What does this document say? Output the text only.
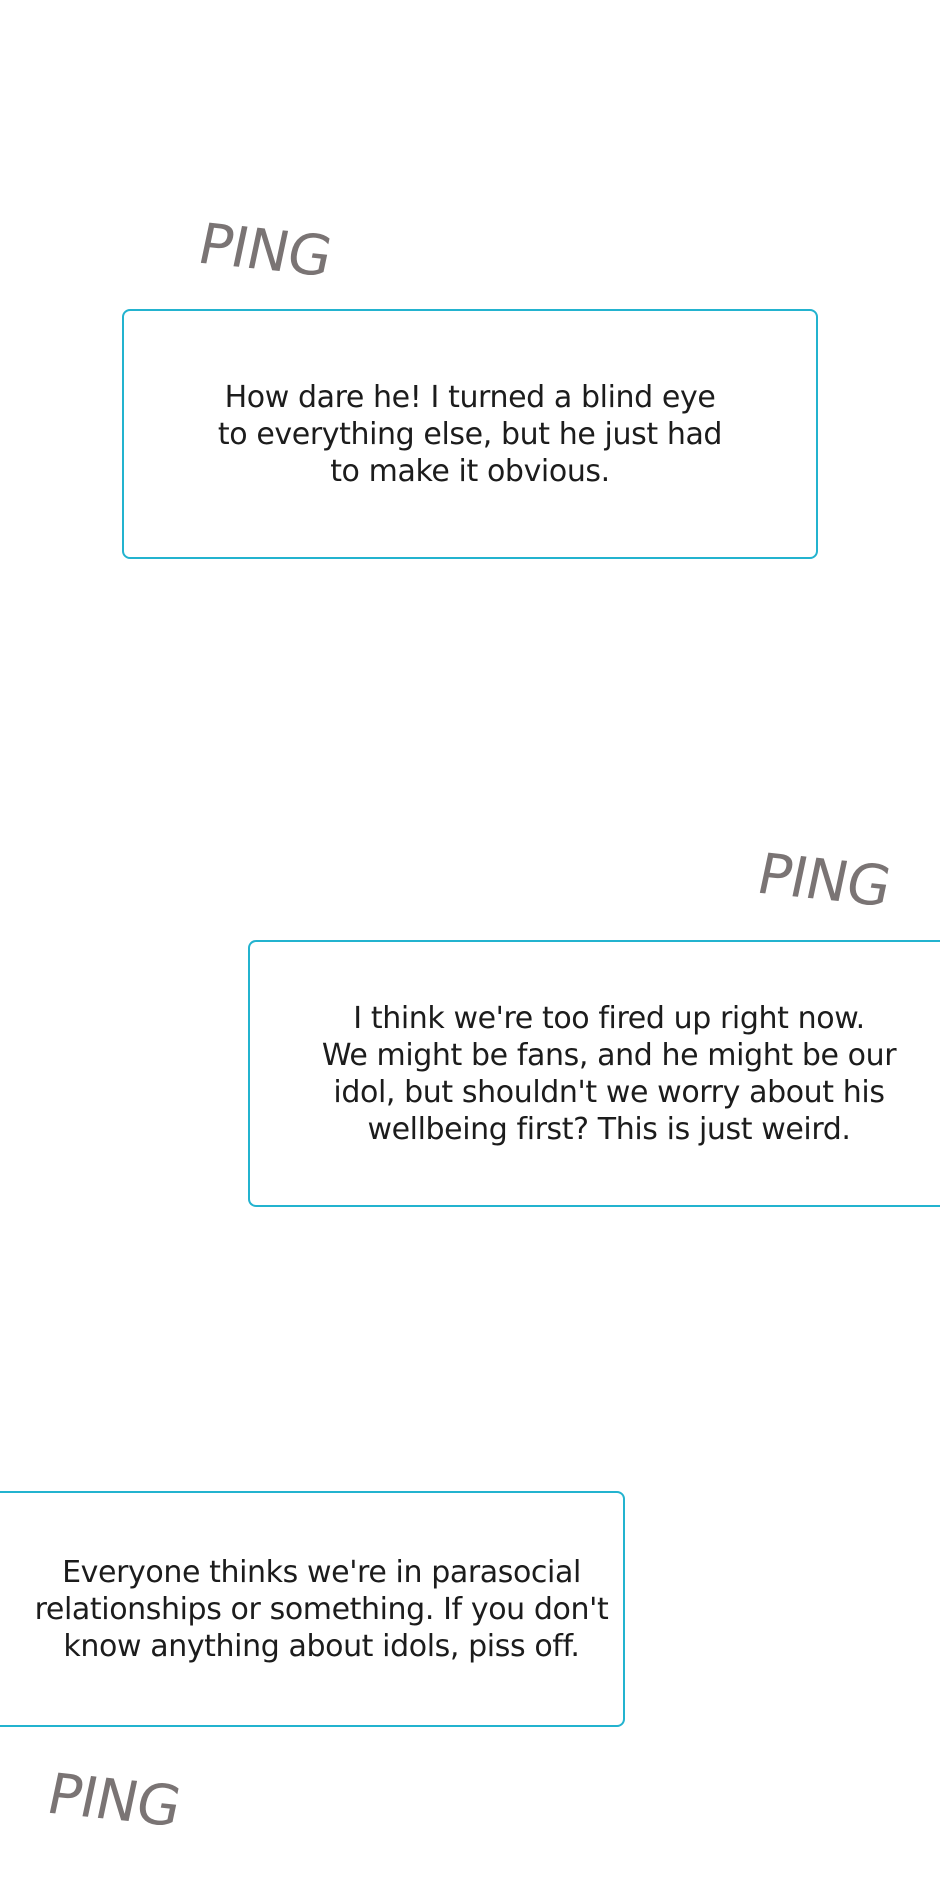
PING

How dare he! I turned a blind eye
to everything else, but he just had
to make it obvious.

PING

I think we're too fired up right now.
We might be fans, and he might be our
idol, but shouldn't we worry about his
wellbeing first? This is just weird.

Everyone thinks we're in parasocial
relationships or something. If you don't
know anything about idols, piss off.

PING
